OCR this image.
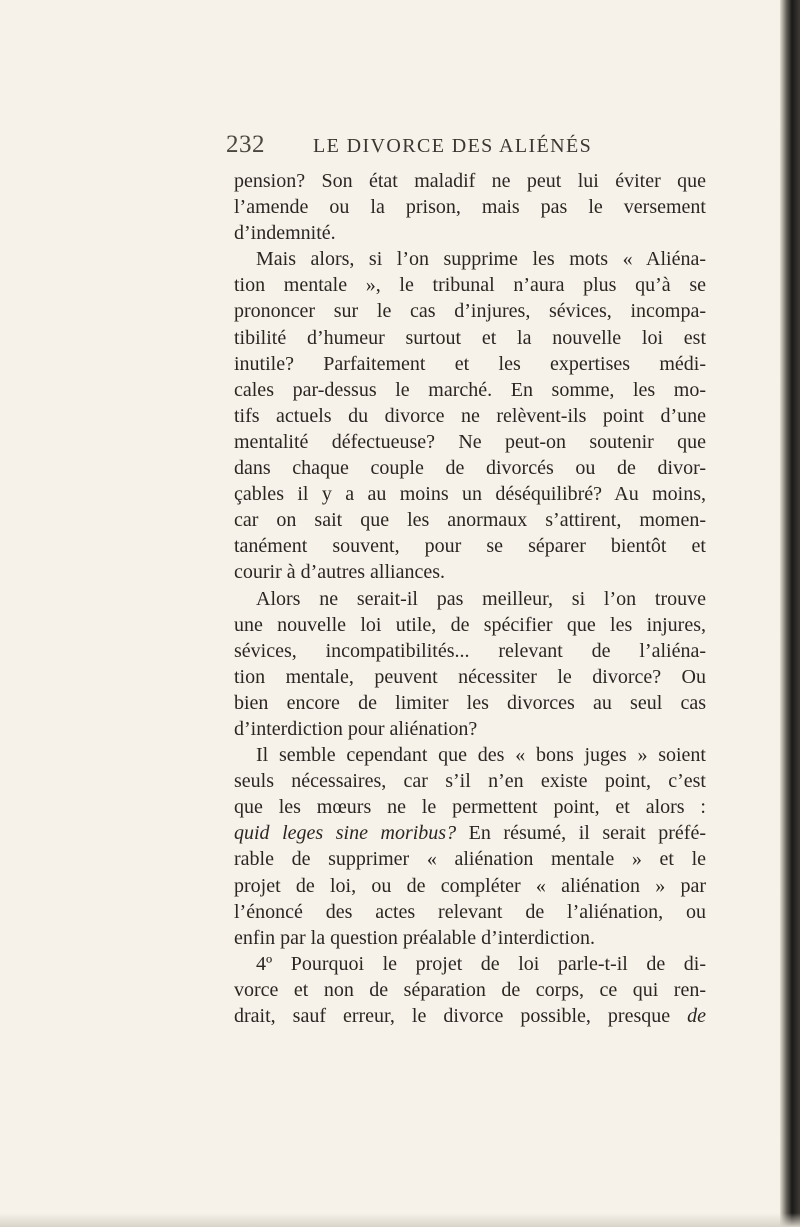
232 LE DIVORCE DES ALIÉNÉS
pension? Son état maladif ne peut lui éviter que
l’amende ou la prison, mais pas le versement
d’indemnité.
Mais alors, si l’on supprime les mots « Aliéna-
tion mentale », le tribunal n’aura plus qu’à se
prononcer sur le cas d’injures, sévices, incompa-
tibilité d’humeur surtout et la nouvelle loi est
inutile? Parfaitement et les expertises médi-
cales par-dessus le marché. En somme, les mo-
tifs actuels du divorce ne relèvent-ils point d’une
mentalité défectueuse? Ne peut-on soutenir que
dans chaque couple de divorcés ou de divor-
çables il y a au moins un déséquilibré? Au moins,
car on sait que les anormaux s’attirent, momen-
tanément souvent, pour se séparer bientôt et
courir à d’autres alliances.
Alors ne serait-il pas meilleur, si l’on trouve
une nouvelle loi utile, de spécifier que les injures,
sévices, incompatibilités... relevant de l’aliéna-
tion mentale, peuvent nécessiter le divorce? Ou
bien encore de limiter les divorces au seul cas
d’interdiction pour aliénation?
Il semble cependant que des « bons juges » soient
seuls nécessaires, car s’il n’en existe point, c’est
que les mœurs ne le permettent point, et alors :
quid leges sine moribus? En résumé, il serait préfé-
rable de supprimer « aliénation mentale » et le
projet de loi, ou de compléter « aliénation » par
l’énoncé des actes relevant de l’aliénation, ou
enfin par la question préalable d’interdiction.
4º Pourquoi le projet de loi parle-t-il de di-
vorce et non de séparation de corps, ce qui ren-
drait, sauf erreur, le divorce possible, presque de
